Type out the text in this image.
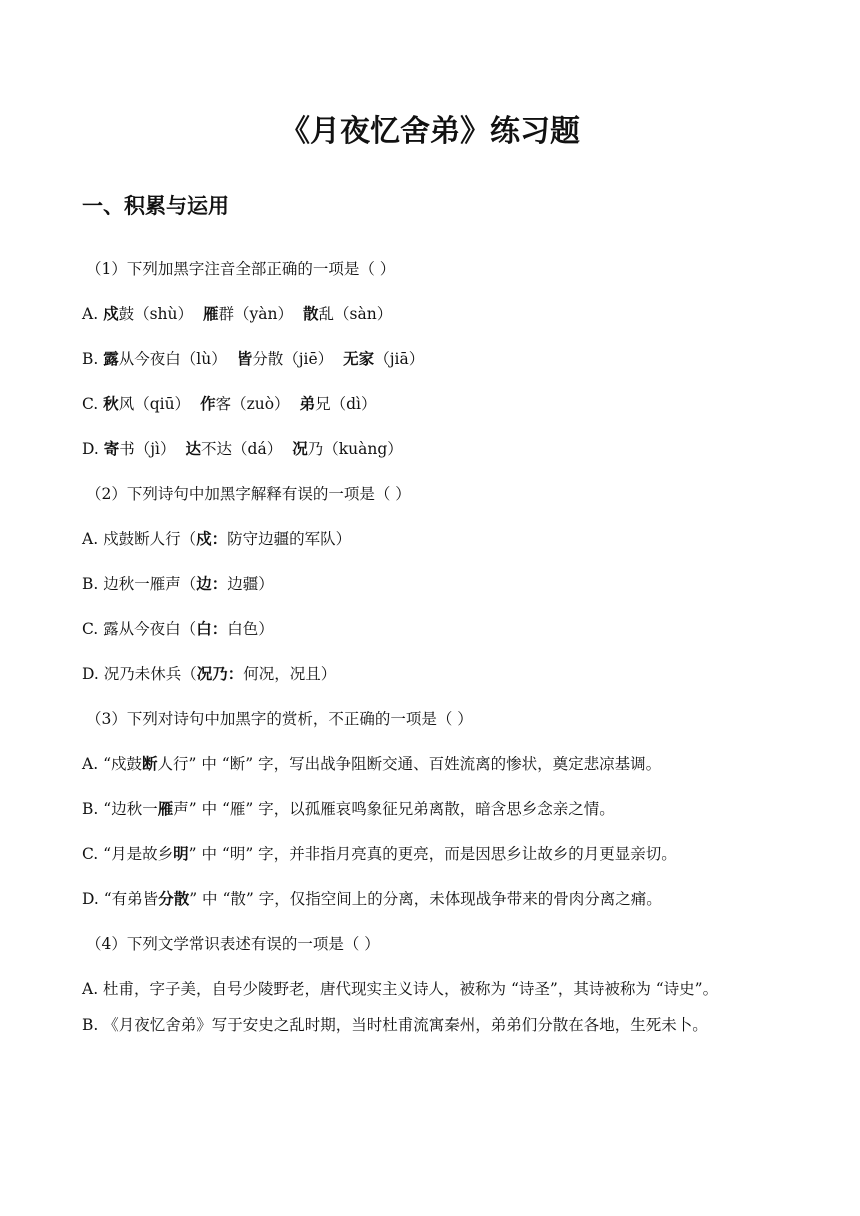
《月夜忆舍弟》练习题
一、积累与运用
（1）下列加黑字注音全部正确的一项是（ ）
A. 戍鼓（shù） 雁群（yàn） 散乱（sàn）
B. 露从今夜白（lù） 皆分散（jiē） 无家（jiā）
C. 秋风（qiū） 作客（zuò） 弟兄（dì）
D. 寄书（jì） 达不达（dá） 况乃（kuàng）
（2）下列诗句中加黑字解释有误的一项是（ ）
A. 戍鼓断人行（戍：防守边疆的军队）
B. 边秋一雁声（边：边疆）
C. 露从今夜白（白：白色）
D. 况乃未休兵（况乃：何况，况且）
（3）下列对诗句中加黑字的赏析，不正确的一项是（ ）
A. “戍鼓断人行” 中 “断” 字，写出战争阻断交通、百姓流离的惨状，奠定悲凉基调。
B. “边秋一雁声” 中 “雁” 字，以孤雁哀鸣象征兄弟离散，暗含思乡念亲之情。
C. “月是故乡明” 中 “明” 字，并非指月亮真的更亮，而是因思乡让故乡的月更显亲切。
D. “有弟皆分散” 中 “散” 字，仅指空间上的分离，未体现战争带来的骨肉分离之痛。
（4）下列文学常识表述有误的一项是（ ）
A. 杜甫，字子美，自号少陵野老，唐代现实主义诗人，被称为 “诗圣”，其诗被称为 “诗史”。
B. 《月夜忆舍弟》写于安史之乱时期，当时杜甫流寓秦州，弟弟们分散在各地，生死未卜。
